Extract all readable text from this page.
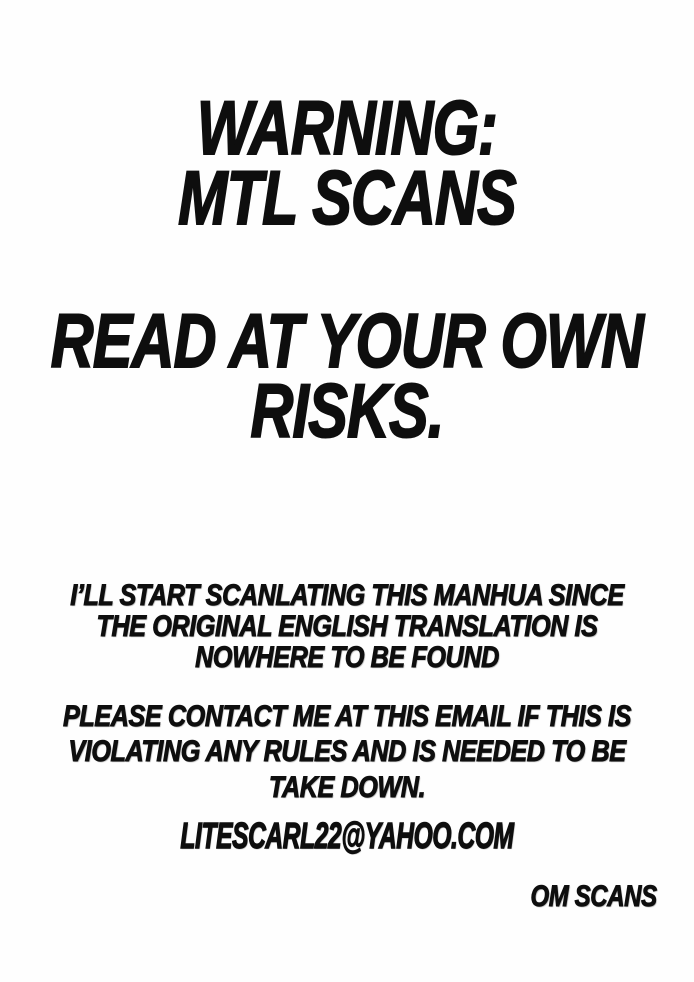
WARNING:
MTL SCANS
READ AT YOUR OWN
RISKS.
I’LL START SCANLATING THIS MANHUA SINCE
THE ORIGINAL ENGLISH TRANSLATION IS
NOWHERE TO BE FOUND
PLEASE CONTACT ME AT THIS EMAIL IF THIS IS
VIOLATING ANY RULES AND IS NEEDED TO BE
TAKE DOWN.
LITESCARL22@YAHOO.COM
OM SCANS
